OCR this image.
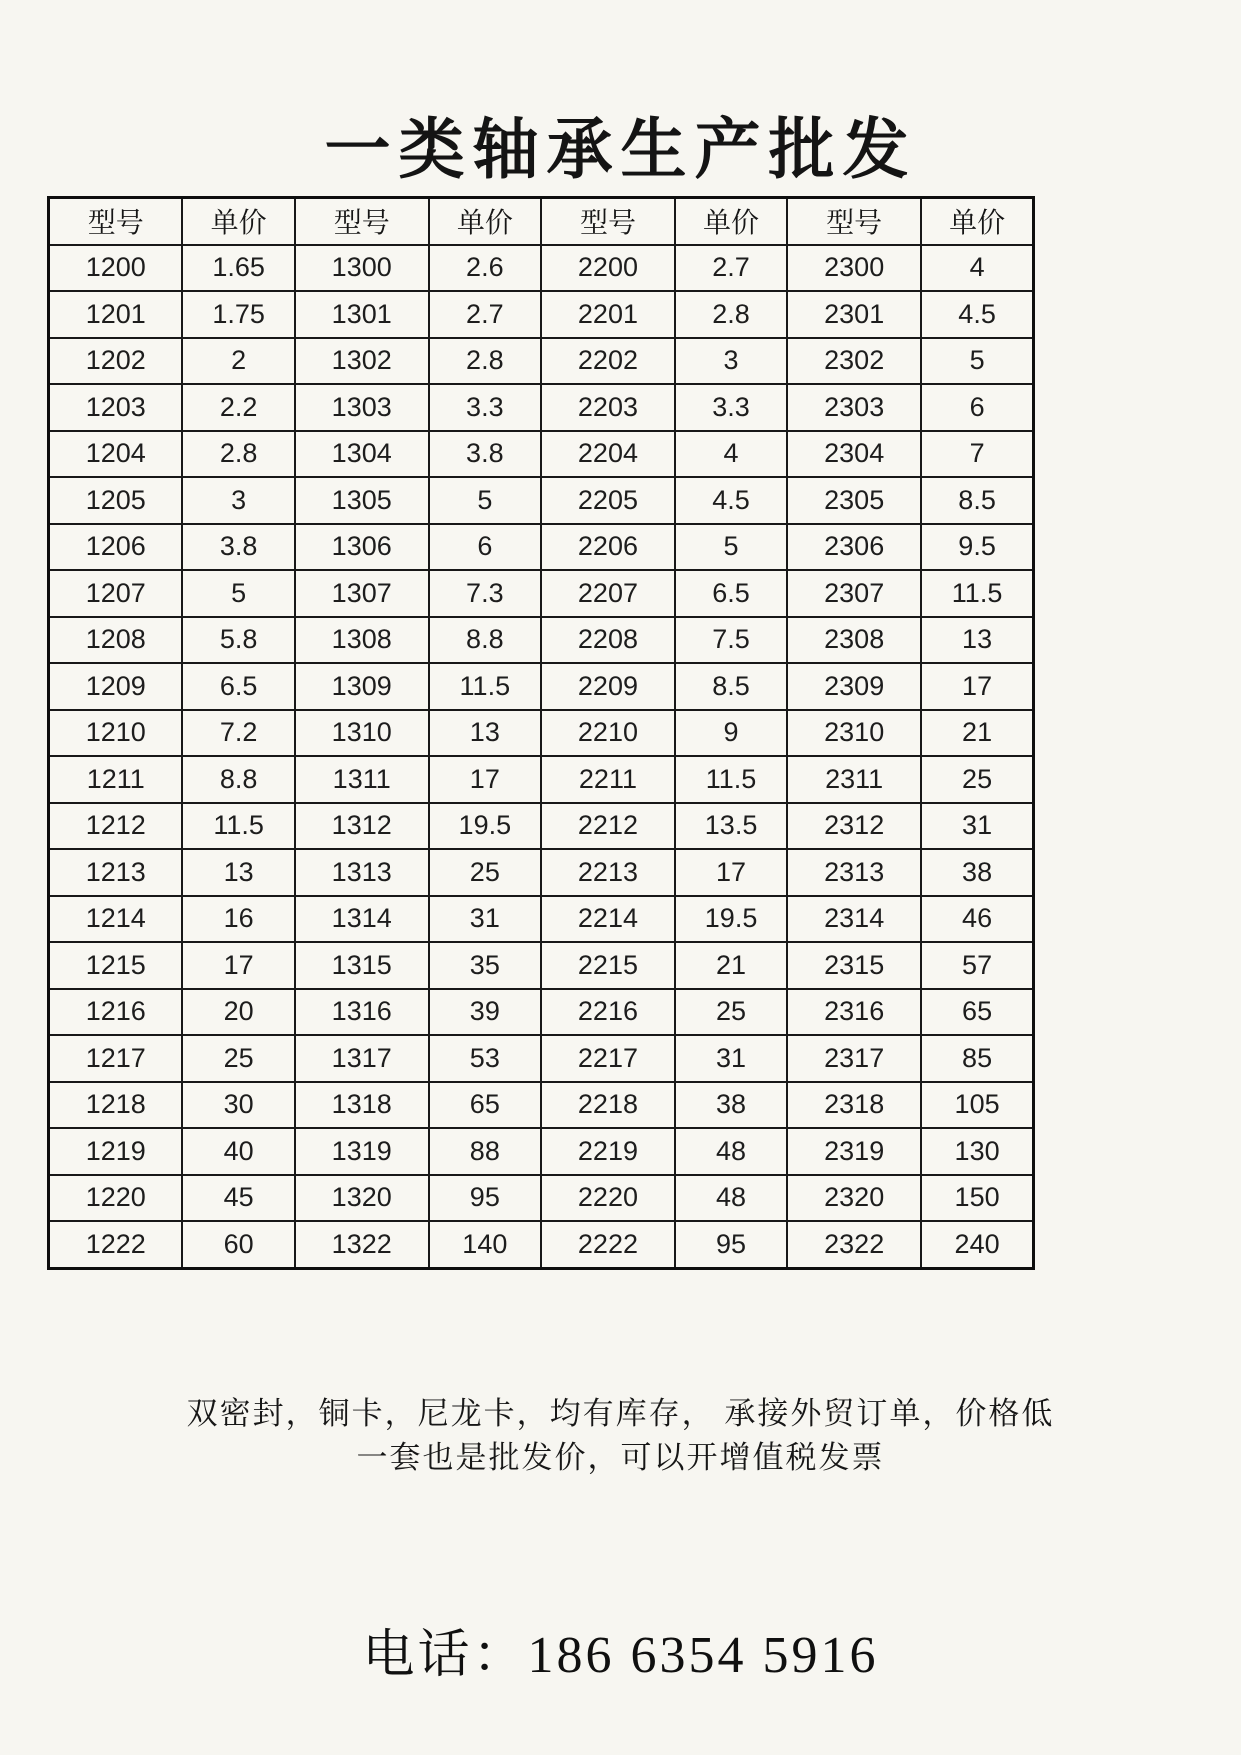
一类轴承生产批发
型号	单价	型号	单价	型号	单价	型号	单价
1200	1.65	1300	2.6	2200	2.7	2300	4
1201	1.75	1301	2.7	2201	2.8	2301	4.5
1202	2	1302	2.8	2202	3	2302	5
1203	2.2	1303	3.3	2203	3.3	2303	6
1204	2.8	1304	3.8	2204	4	2304	7
1205	3	1305	5	2205	4.5	2305	8.5
1206	3.8	1306	6	2206	5	2306	9.5
1207	5	1307	7.3	2207	6.5	2307	11.5
1208	5.8	1308	8.8	2208	7.5	2308	13
1209	6.5	1309	11.5	2209	8.5	2309	17
1210	7.2	1310	13	2210	9	2310	21
1211	8.8	1311	17	2211	11.5	2311	25
1212	11.5	1312	19.5	2212	13.5	2312	31
1213	13	1313	25	2213	17	2313	38
1214	16	1314	31	2214	19.5	2314	46
1215	17	1315	35	2215	21	2315	57
1216	20	1316	39	2216	25	2316	65
1217	25	1317	53	2217	31	2317	85
1218	30	1318	65	2218	38	2318	105
1219	40	1319	88	2219	48	2319	130
1220	45	1320	95	2220	48	2320	150
1222	60	1322	140	2222	95	2322	240
双密封，铜卡，尼龙卡，均有库存， 承接外贸订单，价格低
一套也是批发价，可以开增值税发票
电话：186 6354 5916
